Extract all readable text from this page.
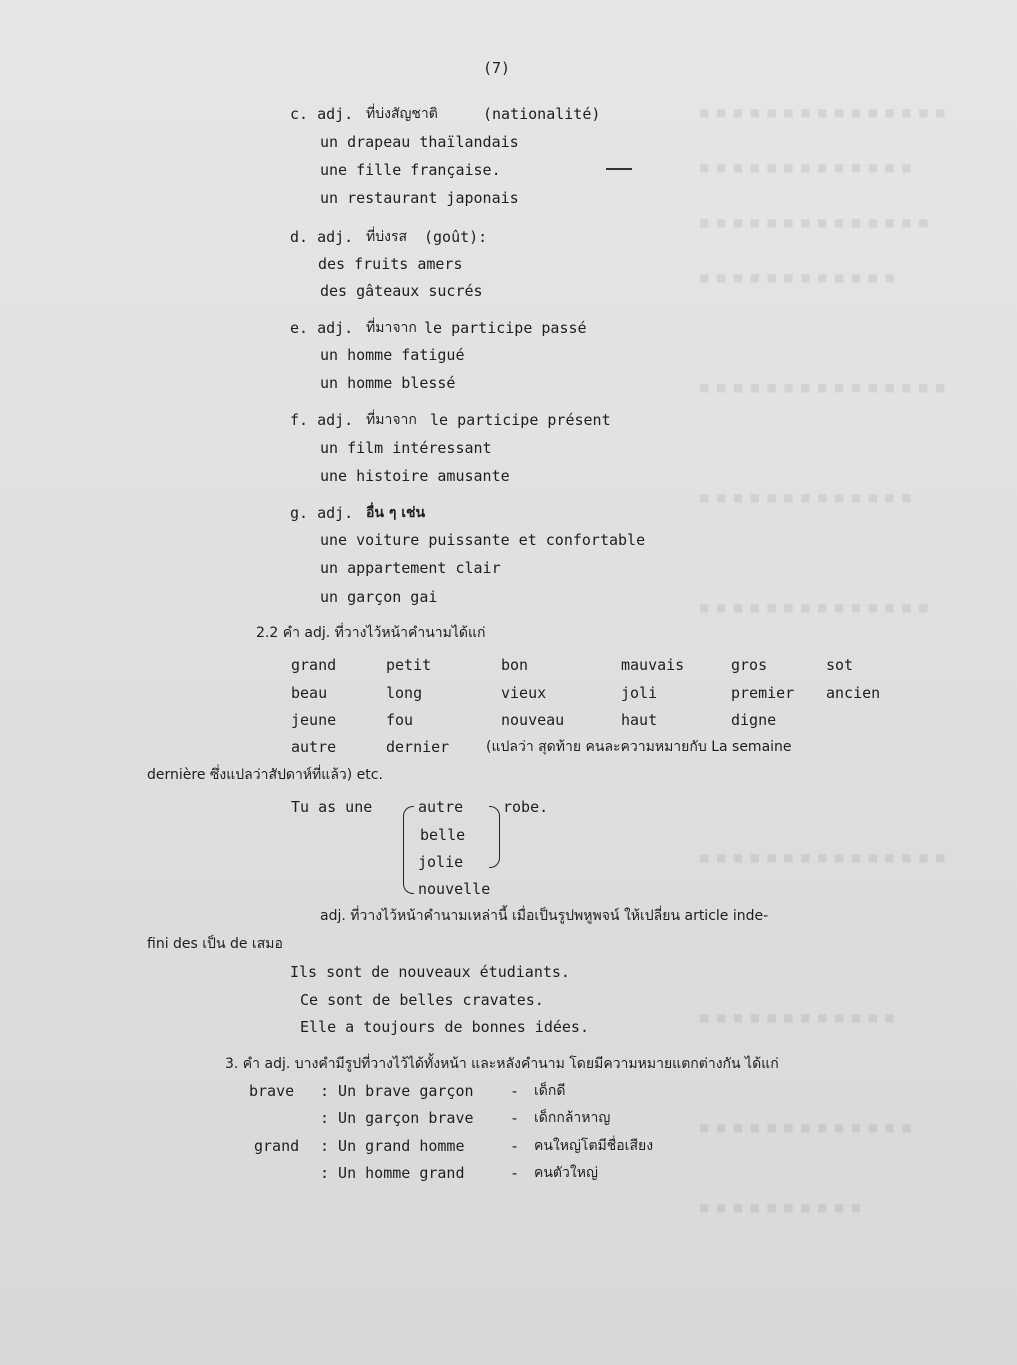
■ ■ ■ ■ ■ ■ ■ ■ ■ ■ ■ ■ ■ ■ ■
■ ■ ■ ■ ■ ■ ■ ■ ■ ■ ■ ■ ■
■ ■ ■ ■ ■ ■ ■ ■ ■ ■ ■ ■ ■ ■
■ ■ ■ ■ ■ ■ ■ ■ ■ ■ ■ ■
■ ■ ■ ■ ■ ■ ■ ■ ■ ■ ■ ■ ■ ■ ■
■ ■ ■ ■ ■ ■ ■ ■ ■ ■ ■ ■ ■
■ ■ ■ ■ ■ ■ ■ ■ ■ ■ ■ ■ ■ ■
■ ■ ■ ■ ■ ■ ■ ■ ■ ■ ■ ■ ■ ■ ■
■ ■ ■ ■ ■ ■ ■ ■ ■ ■ ■ ■
■ ■ ■ ■ ■ ■ ■ ■ ■ ■ ■ ■ ■
■ ■ ■ ■ ■ ■ ■ ■ ■ ■
(7)
c. adj. ที่บ่งสัญชาติ	(nationalité)
un drapeau thaïlandais
une fille française.
un restaurant japonais
d. adj. ที่บ่งรส (goût):
des fruits amers
des gâteaux sucrés
e. adj. ที่มาจาก le participe passé
un homme fatigué
un homme blessé
f. adj. ที่มาจาก le participe présent
un film intéressant
une histoire amusante
g. adj. อื่น ๆ เช่น
une voiture puissante et confortable
un appartement clair
un garçon gai
2.2 คำ adj. ที่วางไว้หน้าคำนามได้แก่
grand	petit	bon	mauvais	gros	sot
beau	long	vieux	joli	premier ancien
jeune	fou	nouveau	haut	digne
autre	dernier	(แปลว่า สุดท้าย คนละความหมายกับ La semaine
dernière ซึ่งแปลว่าสัปดาห์ที่แล้ว) etc.
Tu as une	autre
belle
jolie
nouvelle
robe.
adj. ที่วางไว้หน้าคำนามเหล่านี้ เมื่อเป็นรูปพหูพจน์ ให้เปลี่ยน article inde-
fini des เป็น de เสมอ
Ils sont de nouveaux étudiants.
Ce sont de belles cravates.
Elle a toujours de bonnes idées.
3. คำ adj. บางคำมีรูปที่วางไว้ได้ทั้งหน้า และหลังคำนาม โดยมีความหมายแตกต่างกัน ได้แก่
brave : Un brave garçon - เด็กดี
: Un garçon brave - เด็กกล้าหาญ
grand : Un grand homme	- คนใหญ่โตมีชื่อเสียง
: Un homme grand	- คนตัวใหญ่
